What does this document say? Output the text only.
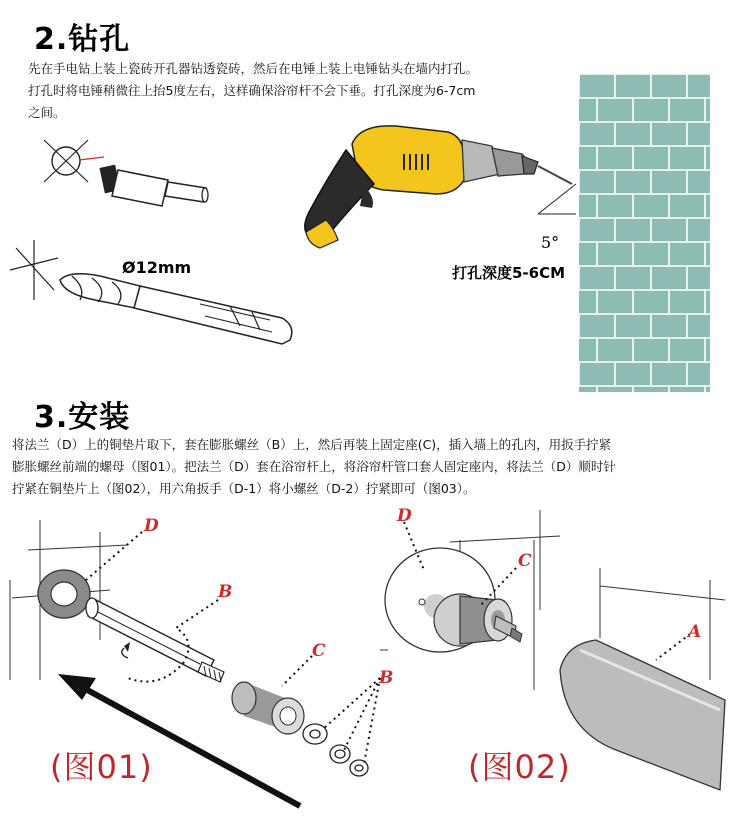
2.钻孔
先在手电钻上装上瓷砖开孔器钻透瓷砖，然后在电锤上装上电锤钻头在墙内打孔。
打孔时将电锤稍微往上抬5度左右，这样确保浴帘杆不会下垂。打孔深度为6-7cm
之间。
Ø12mm
5°
打孔深度5-6CM
3.安装
将法兰（D）上的铜垫片取下，套在膨胀螺丝（B）上，然后再装上固定座(C)，插入墙上的孔内，用扳手拧紧
膨胀螺丝前端的螺母（图01）。把法兰（D）套在浴帘杆上，将浴帘杆管口套人固定座内，将法兰（D）顺时针
拧紧在铜垫片上（图02），用六角扳手（D-1）将小螺丝（D-2）拧紧即可（图03）。
D
B
C
B
(图01)
D
C
A
(图02)
